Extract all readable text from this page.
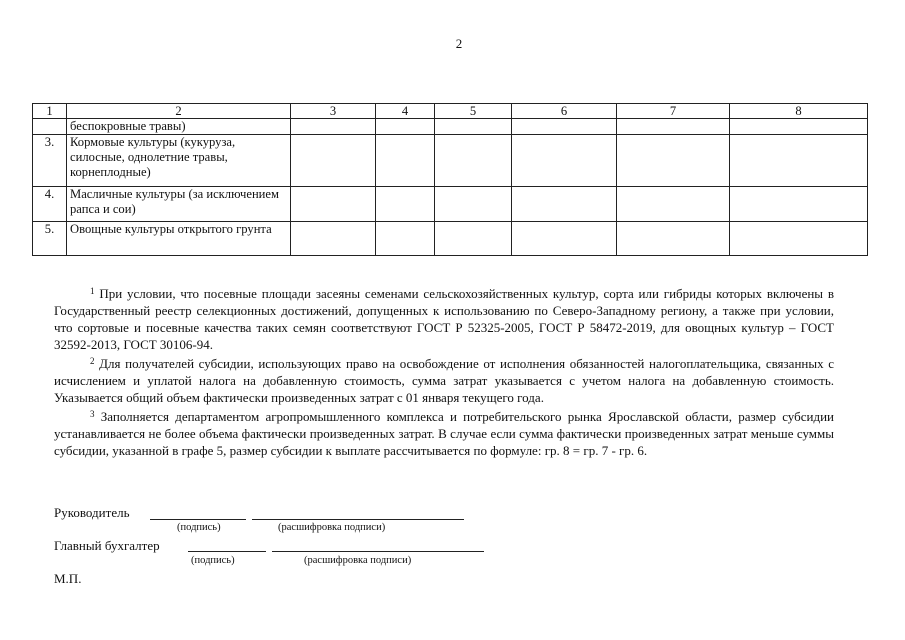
2
1	2	3	4	5	6	7	8
	беспокровные травы)						
3.	Кормовые культуры (кукуруза, силосные, однолетние травы, корнеплодные)						
4.	Масличные культуры (за исключением рапса и сои)						
5.	Овощные культуры открытого грунта						

$^1$ При условии, что посевные площади засеяны семенами сельскохозяйственных культур, сорта или гибриды которых включены в Государственный реестр селекционных достижений, допущенных к использованию по Северо-Западному региону, а также при условии, что сортовые и посевные качества таких семян соответствуют ГОСТ Р 52325-2005, ГОСТ Р 58472-2019, для овощных культур – ГОСТ 32592-2013, ГОСТ 30106-94.

$^2$ Для получателей субсидии, использующих право на освобождение от исполнения обязанностей налогоплательщика, связанных с исчислением и уплатой налога на добавленную стоимость, сумма затрат указывается с учетом налога на добавленную стоимость. Указывается общий объем фактически произведенных затрат с 01 января текущего года.

$^3$ Заполняется департаментом агропромышленного комплекса и потребительского рынка Ярославской области, размер субсидии устанавливается не более объема фактически произведенных затрат. В случае если сумма фактически произведенных затрат меньше суммы субсидии, указанной в графе 5, размер субсидии к выплате рассчитывается по формуле: гр. 8 = гр. 7 - гр. 6.

Руководитель
(подпись)	(расшифровка подписи)
Главный бухгалтер
(подпись)	(расшифровка подписи)
М.П.
